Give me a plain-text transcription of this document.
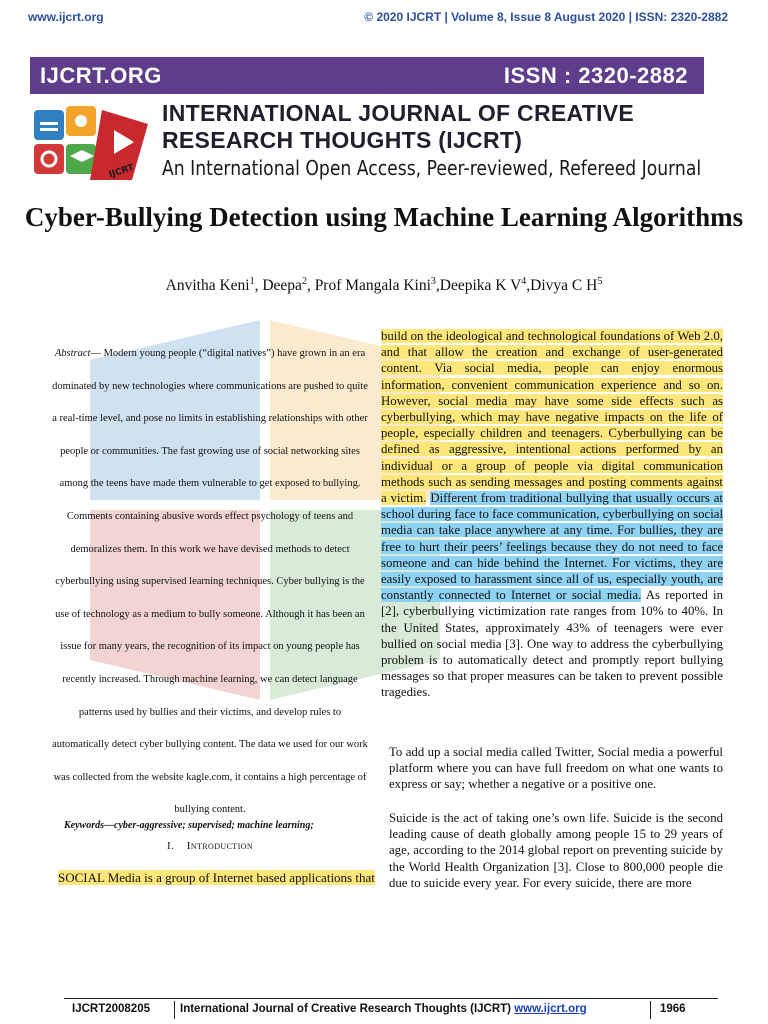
www.ijcrt.org	© 2020 IJCRT | Volume 8, Issue 8 August 2020 | ISSN: 2320-2882
IJCRT.ORG	ISSN : 2320-2882
IJCRT
INTERNATIONAL JOURNAL OF CREATIVE
RESEARCH THOUGHTS (IJCRT)
An International Open Access, Peer-reviewed, Refereed Journal
Cyber-Bullying Detection using Machine Learning Algorithms
Anvitha Keni$^1$, Deepa$^2$, Prof Mangala Kini$^3$,Deepika K $V^4,Divya$ C $H^5$
Abstract— Modern young people (“digital natives”) have grown in an era
dominated by new technologies where communications are pushed to quite
a real-time level, and pose no limits in establishing relationships with other
people or communities. The fast growing use of social networking sites
among the teens have made them vulnerable to get exposed to bullying.
Comments containing abusive words effect psychology of teens and
demoralizes them. In this work we have devised methods to detect
cyberbullying using supervised learning techniques. Cyber bullying is the
use of technology as a medium to bully someone. Although it has been an
issue for many years, the recognition of its impact on young people has
recently increased. Through machine learning, we can detect language
patterns used by bullies and their victims, and develop rules to
automatically detect cyber bullying content. The data we used for our work
was collected from the website kagle.com, it contains a high percentage of
bullying content.
Keywords—cyber-aggressive; supervised; machine learning;
I. Introduction
SOCIAL Media is a group of Internet based applications that
build on the ideological and technological foundations of Web 2.0, and that allow the creation and exchange of user-generated content. Via social media, people can enjoy enormous information, convenient communication experience and so on. However, social media may have some side effects such as cyberbullying, which may have negative impacts on the life of people, especially children and teenagers. Cyberbullying can be defined as aggressive, intentional actions performed by an individual or a group of people via digital communication methods such as sending messages and posting comments against a victim. Different from traditional bullying that usually occurs at school during face to face communication, cyberbullying on social media can take place anywhere at any time. For bullies, they are free to hurt their peers’ feelings because they do not need to face someone and can hide behind the Internet. For victims, they are easily exposed to harassment since all of us, especially youth, are constantly connected to Internet or social media. As reported in [2], cyberbullying victimization rate ranges from 10% to 40%. In the United States, approximately 43% of teenagers were ever bullied on social media [3]. One way to address the cyberbullying problem is to automatically detect and promptly report bullying messages so that proper measures can be taken to prevent possible tragedies.
To add up a social media called Twitter, Social media a powerful platform where you can have full freedom on what one wants to express or say; whether a negative or a positive one.
Suicide is the act of taking one’s own life. Suicide is the second leading cause of death globally among people 15 to 29 years of age, according to the 2014 global report on preventing suicide by the World Health Organization [3]. Close to 800,000 people die due to suicide every year. For every suicide, there are more
IJCRT2008205	International Journal of Creative Research Thoughts (IJCRT) www.ijcrt.org	1966
